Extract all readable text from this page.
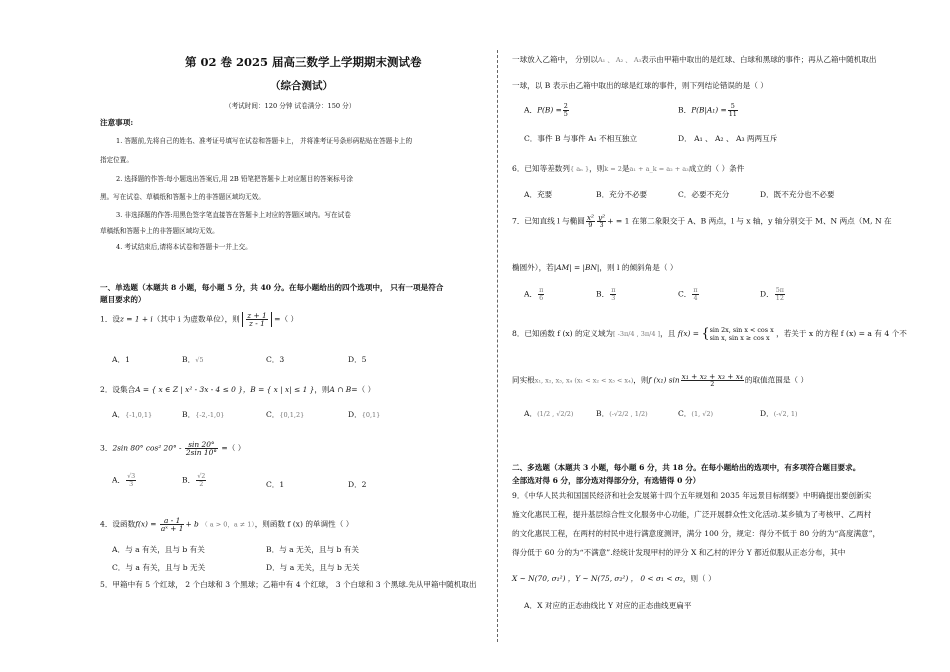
第 02 卷 2025 届高三数学上学期期末测试卷
（综合测试）
（考试时间：120 分钟 试卷满分：150 分）
注意事项:
1. 答题前,先将自己的姓名、准考证号填写在试卷和答题卡上， 并将准考证号条形码粘贴在答题卡上的
指定位置。
2. 选择题的作答:每小题选出答案后,用 2B 铅笔把答题卡上对应题目的答案标号涂
黑。写在试卷、草稿纸和答题卡上的非答题区域均无效。
3. 非选择题的作答:用黑色签字笔直接答在答题卡上对应的答题区域内。写在试卷
草稿纸和答题卡上的非答题区域均无效。
4. 考试结束后,请将本试卷和答题卡一并上交。
一、单选题（本题共 8 小题，每小题 5 分，共 40 分。在每小题给出的四个选项中， 只有一项是符合
题目要求的）
1．设z = 1 + i（其中 i 为虚数单位），则 $\frac{z + 1}{z - 1}$ =（ ）
A．1	B．√5	C．3	D．5
2．设集合A = { x ∈ Z | x² - 3x - 4 ≤ 0 }，B = { x | x| ≤ 1 }，则A ∩ B=（ ）
A．{-1,0,1}	B．{-2,-1,0}	C．{0,1,2}	D．{0,1}
3．2sin 80° cos² $20^\circ - \frac{\sin 20^\circ}{2\sin 10^\circ}$ =（ ）
A． $\frac{√3}{3}$	B． $\frac{√2}{2}$	C．1	D．2
4．设函数$f(x) = \frac{a - 1}{\text{aˣ + 1}} + b$ （ a > 0，a ≠ 1），则函数 f (x) 的单调性（ ）
A．与 a 有关，且与 b 有关	B．与 a 无关，且与 b 有关
C．与 a 有关，且与 b 无关	D．与 a 无关，且与 b 无关
5．甲箱中有 5 个红球， 2 个白球和 3 个黑球；乙箱中有 4 个红球， 3 个白球和 3 个黑球.先从甲箱中随机取出
一球放入乙箱中， 分别以A₁ 、 A₂ 、 A₃表示由甲箱中取出的是红球、白球和黑球的事件；再从乙箱中随机取出
一球，以 B 表示由乙箱中取出的球是红球的事件，则下列结论错误的是（ ）
A．$P(B) = \frac{2}{5}$	B．$P(B|A_1) = \frac{5}{11}$
C．事件 B 与事件 A₁ 不相互独立	D． A₁ 、 A₂ 、 A₃ 两两互斥
6．已知等差数列{ aₙ }，则k = 2是a₁ + a_k = a₂ + a₃成立的（ ）条件
A．充要	B．充分不必要	C．必要不充分	D．既不充分也不必要
7．已知直线 l 与椭圆 $\frac{\text{x²}}{9} \frac{\text{y²}}{3}$ + = 1 在第二象限交于 A、B 两点，l 与 x 轴，y 轴分别交于 M、N 两点（M, N 在
椭圆外），若|AM| = |BN|，则 l 的倾斜角是（ ）
A． $\frac{\pi}{6}$	B． $\frac{\pi}{3}$	C． $\frac{\pi}{4}$	D． $\frac{5\pi}{12}$
8．已知函数 f (x) 的定义域为[ -3π/4 , 3π/4 ]，且 f(x) = { sin 2x, sin x < cos x
sin x, sin x ≥ cos x ，若关于 x 的方程 f (x) = a 有 4 个不
同实根x₁, x₂, x₃, x₄ (x₁ < x₂ < x₃ < x₄)，则f (x₁) $\sin \frac{\text{x₁ + x₂ + x₃ + x₄}}{2}$ 的取值范围是（ ）
A．(1/2 , √2/2)	B．(-√2/2 , 1/2)	C．(1, √2)	D．(-√2, 1)
二、多选题（本题共 3 小题，每小题 6 分，共 18 分。在每小题给出的选项中，有多项符合题目要求。
全部选对得 6 分，部分选对得部分分，有选错得 0 分）
9．《中华人民共和国国民经济和社会发展第十四个五年规划和 2035 年远景目标纲要》中明确提出要创新实
施文化惠民工程，提升基层综合性文化服务中心功能，广泛开展群众性文化活动.某乡镇为了考核甲、乙两村
的文化惠民工程，在两村的村民中进行满意度测评，满分 100 分，规定：得分不低于 80 分的为“高度满意”，
得分低于 60 分的为“不满意”.经统计发现甲村的评分 X 和乙村的评分 Y 都近似服从正态分布，其中
X ~ N(70, σ₁²) ，Y ~ N(75, σ₂²) ， 0 < σ₁ < σ₂，则（ ）
A．X 对应的正态曲线比 Y 对应的正态曲线更扁平
